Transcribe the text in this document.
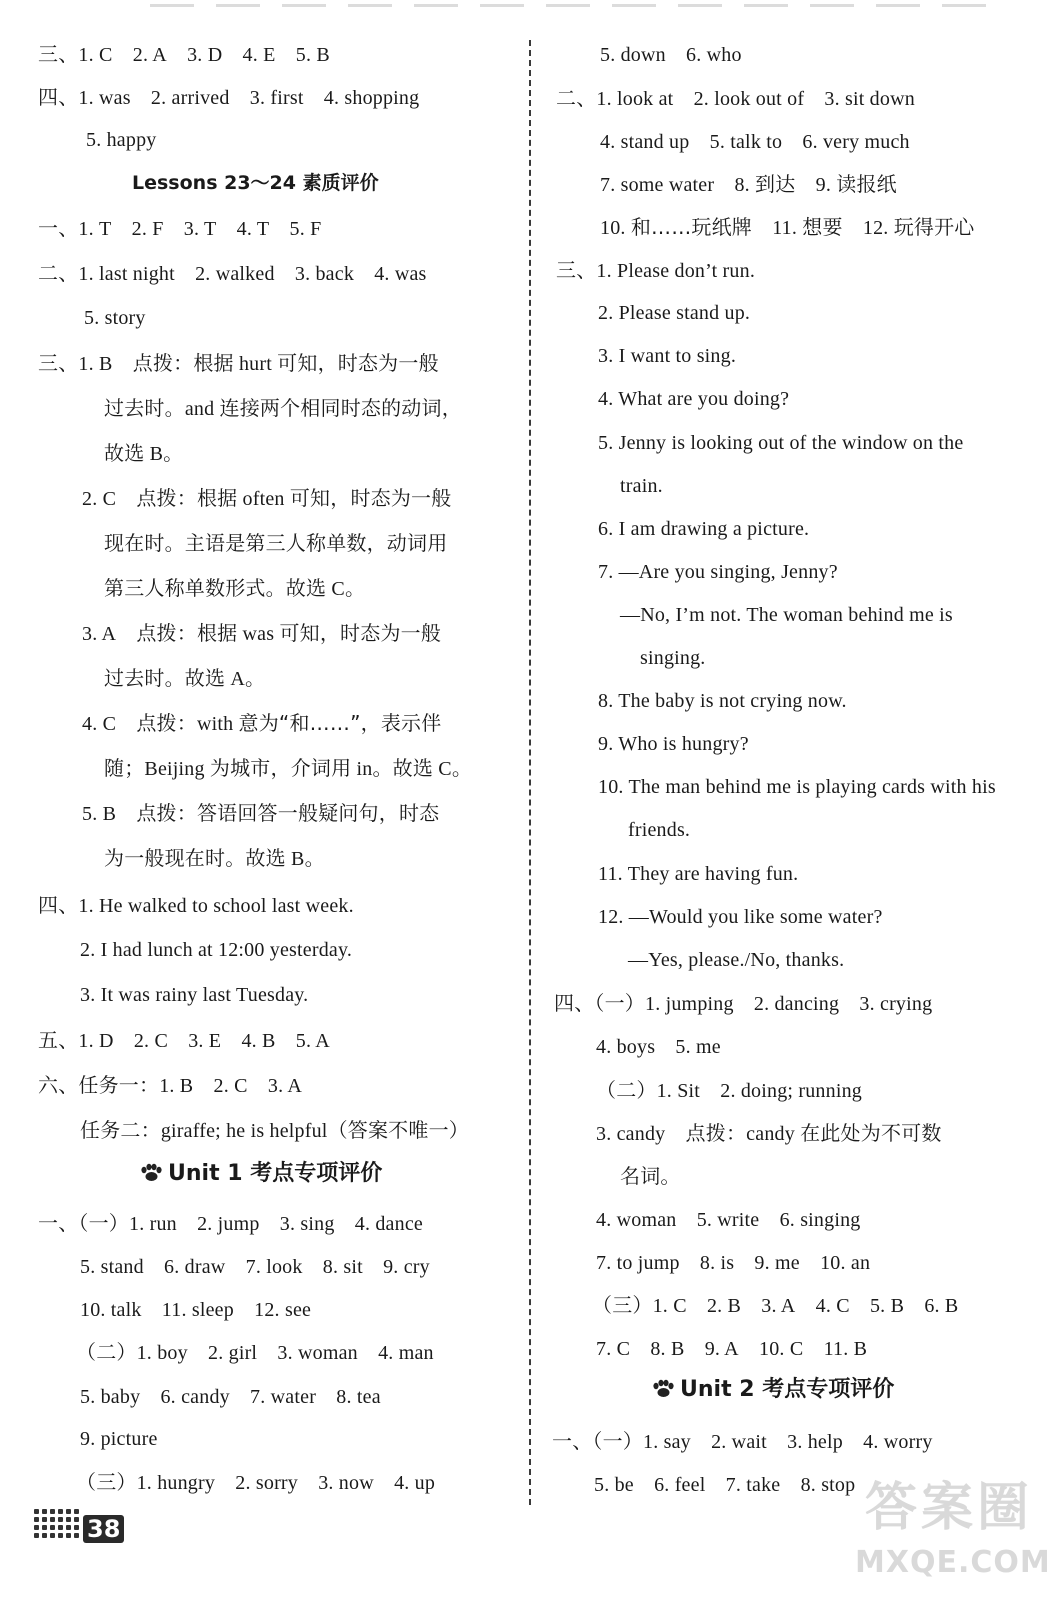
38	答案圈
MXQE.COM
三、1. C　 2. A　 3. D　 4. E　 5. B
四、1. was　 2. arrived　 3. first　 4. shopping
5. happy
一、1. T　 2. F　 3. T　 4. T　 5. F
二、1. last night　 2. walked　 3. back　 4. was
5. story
三、1. B　点拨：根据 hurt 可知，时态为一般
过去时。and 连接两个相同时态的动词，
故选 B。
2. C　点拨：根据 often 可知，时态为一般
现在时。主语是第三人称单数，动词用
第三人称单数形式。故选 C。
3. A　点拨：根据 was 可知，时态为一般
过去时。故选 A。
4. C　点拨：with 意为“和……”，表示伴
随；Beijing 为城市，介词用 in。故选 C。
5. B　点拨：答语回答一般疑问句，时态
为一般现在时。故选 B。
四、1. He walked to school last week.
2. I had lunch at 12:00 yesterday.
3. It was rainy last Tuesday.
五、1. D　 2. C　 3. E　 4. B　 5. A
六、任务一：1. B　 2. C　 3. A
任务二：giraffe; he is helpful（答案不唯一）
一、（一）1. run　 2. jump　 3. sing　 4. dance
5. stand　 6. draw　 7. look　 8. sit　 9. cry
10. talk　 11. sleep　 12. see
（二）1. boy　 2. girl　 3. woman　 4. man
5. baby　 6. candy　 7. water　 8. tea
9. picture
（三）1. hungry　 2. sorry　 3. now　 4. up
5. down　 6. who
二、1. look at　 2. look out of　 3. sit down
4. stand up　 5. talk to　 6. very much
7. some water　 8. 到达　9. 读报纸
10. 和……玩纸牌　11. 想要　12. 玩得开心
三、1. Please don’t run.
2. Please stand up.
3. I want to sing.
4. What are you doing?
5. Jenny is looking out of the window on the
train.
6. I am drawing a picture.
7. —Are you singing, Jenny?
—No, I’m not. The woman behind me is
singing.
8. The baby is not crying now.
9. Who is hungry?
10. The man behind me is playing cards with his
friends.
11. They are having fun.
12. —Would you like some water?
—Yes, please./No, thanks.
四、（一）1. jumping　 2. dancing　 3. crying
4. boys　 5. me
（二）1. Sit　 2. doing; running
3. candy　点拨：candy 在此处为不可数
名词。
4. woman　 5. write　 6. singing
7. to jump　 8. is　 9. me　 10. an
（三）1. C　 2. B　 3. A　 4. C　 5. B　 6. B
7. C　 8. B　 9. A　 10. C　 11. B
一、（一）1. say　 2. wait　 3. help　 4. worry
5. be　 6. feel　 7. take　 8. stop
Lessons 23～24 素质评价
Unit 1 考点专项评价
Unit 2 考点专项评价
